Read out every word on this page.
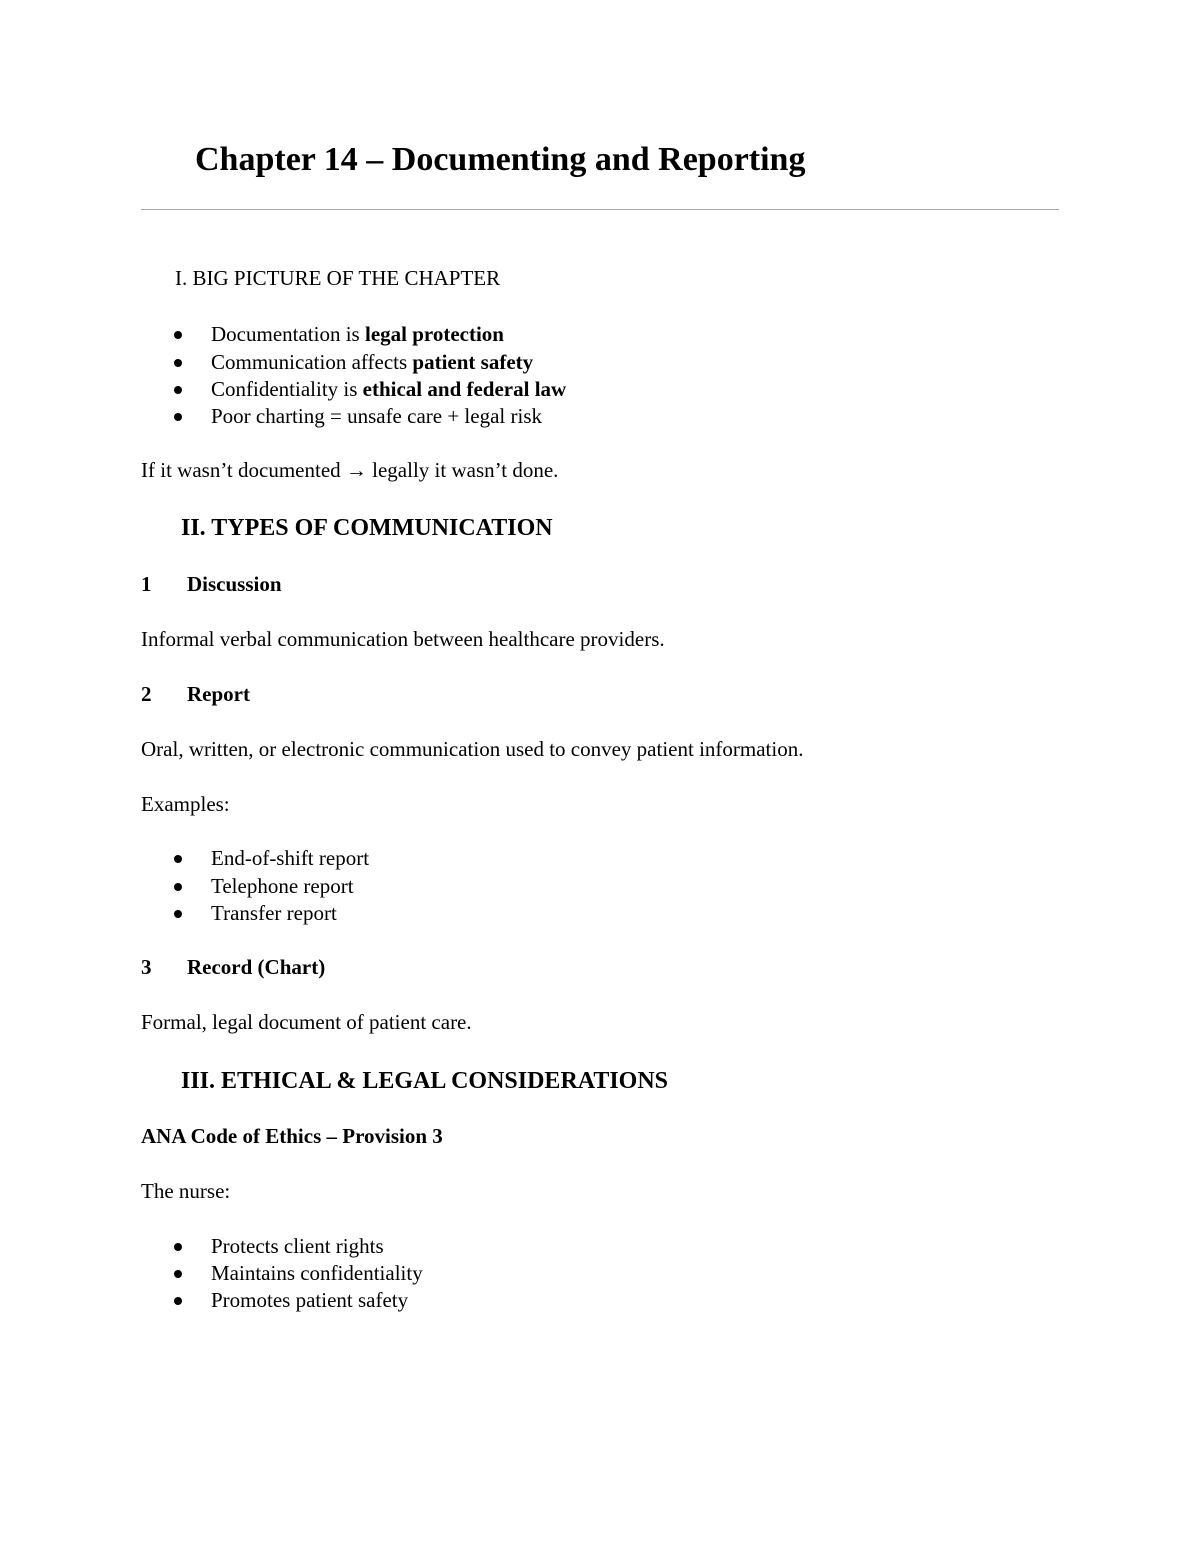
Chapter 14 – Documenting and Reporting
I. BIG PICTURE OF THE CHAPTER
Documentation is legal protection
Communication affects patient safety
Confidentiality is ethical and federal law
Poor charting = unsafe care + legal risk
If it wasn’t documented → legally it wasn’t done.
II. TYPES OF COMMUNICATION
1 Discussion
Informal verbal communication between healthcare providers.
2 Report
Oral, written, or electronic communication used to convey patient information.
Examples:
End-of-shift report
Telephone report
Transfer report
3 Record (Chart)
Formal, legal document of patient care.
III. ETHICAL & LEGAL CONSIDERATIONS
ANA Code of Ethics – Provision 3
The nurse:
Protects client rights
Maintains confidentiality
Promotes patient safety
